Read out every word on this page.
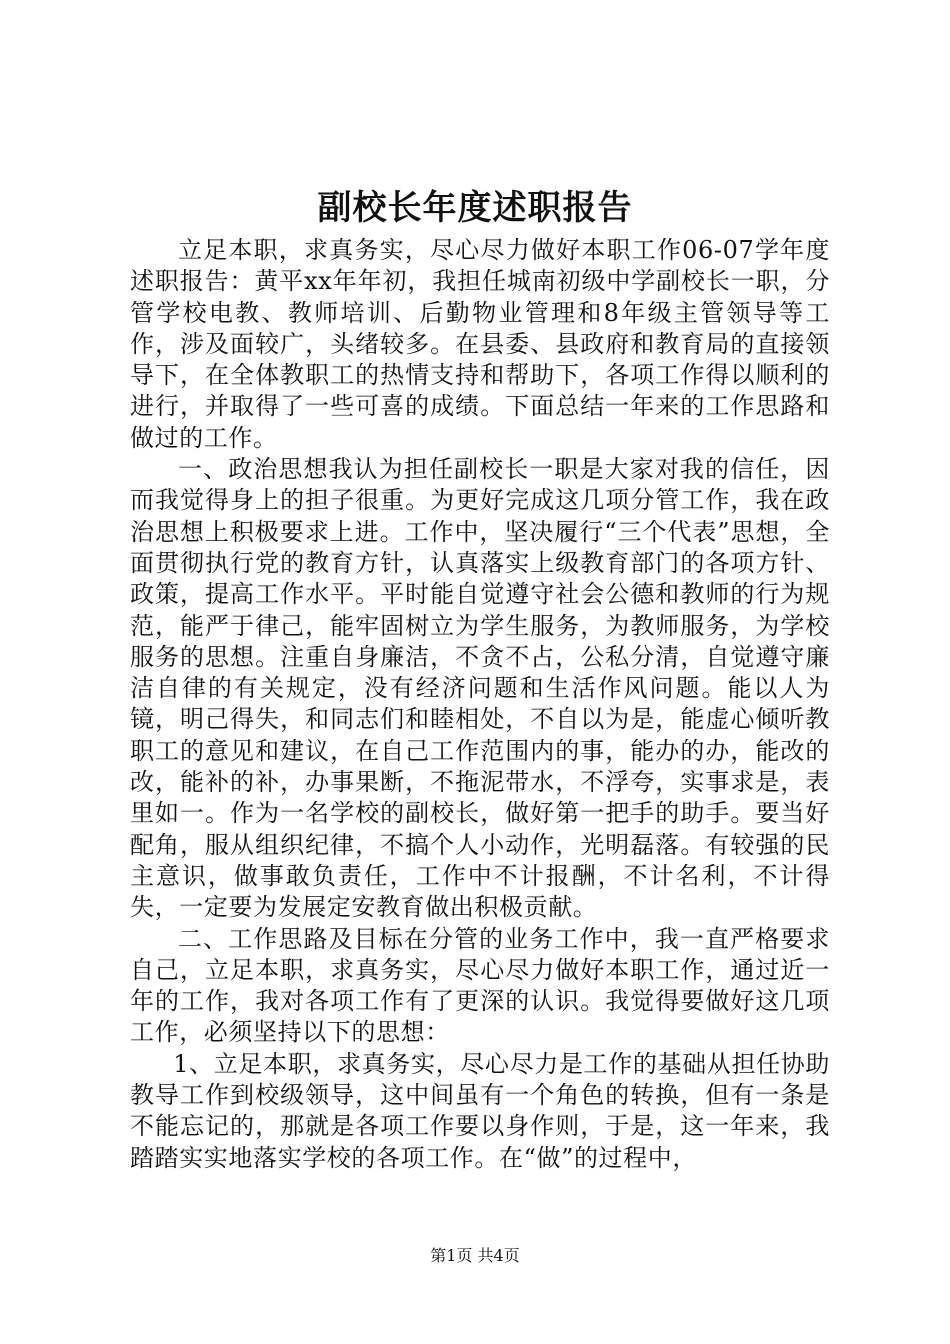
副校长年度述职报告

立足本职，求真务实，尽心尽力做好本职工作06-07学年度述职报告：黄平xx年年初，我担任城南初级中学副校长一职，分管学校电教、教师培训、后勤物业管理和8年级主管领导等工作，涉及面较广，头绪较多。在县委、县政府和教育局的直接领导下，在全体教职工的热情支持和帮助下，各项工作得以顺利的进行，并取得了一些可喜的成绩。下面总结一年来的工作思路和做过的工作。

一、政治思想我认为担任副校长一职是大家对我的信任，因而我觉得身上的担子很重。为更好完成这几项分管工作，我在政治思想上积极要求上进。工作中，坚决履行“三个代表”思想，全面贯彻执行党的教育方针，认真落实上级教育部门的各项方针、政策，提高工作水平。平时能自觉遵守社会公德和教师的行为规范，能严于律己，能牢固树立为学生服务，为教师服务，为学校服务的思想。注重自身廉洁，不贪不占，公私分清，自觉遵守廉洁自律的有关规定，没有经济问题和生活作风问题。能以人为镜，明己得失，和同志们和睦相处，不自以为是，能虚心倾听教职工的意见和建议，在自己工作范围内的事，能办的办，能改的改，能补的补，办事果断，不拖泥带水，不浮夸，实事求是，表里如一。作为一名学校的副校长，做好第一把手的助手。要当好配角，服从组织纪律，不搞个人小动作，光明磊落。有较强的民主意识，做事敢负责任，工作中不计报酬，不计名利，不计得失，一定要为发展定安教育做出积极贡献。

二、工作思路及目标在分管的业务工作中，我一直严格要求自己，立足本职，求真务实，尽心尽力做好本职工作，通过近一年的工作，我对各项工作有了更深的认识。我觉得要做好这几项工作，必须坚持以下的思想：

1、立足本职，求真务实，尽心尽力是工作的基础从担任协助教导工作到校级领导，这中间虽有一个角色的转换，但有一条是不能忘记的，那就是各项工作要以身作则，于是，这一年来，我踏踏实实地落实学校的各项工作。在“做”的过程中，

第1页 共4页
